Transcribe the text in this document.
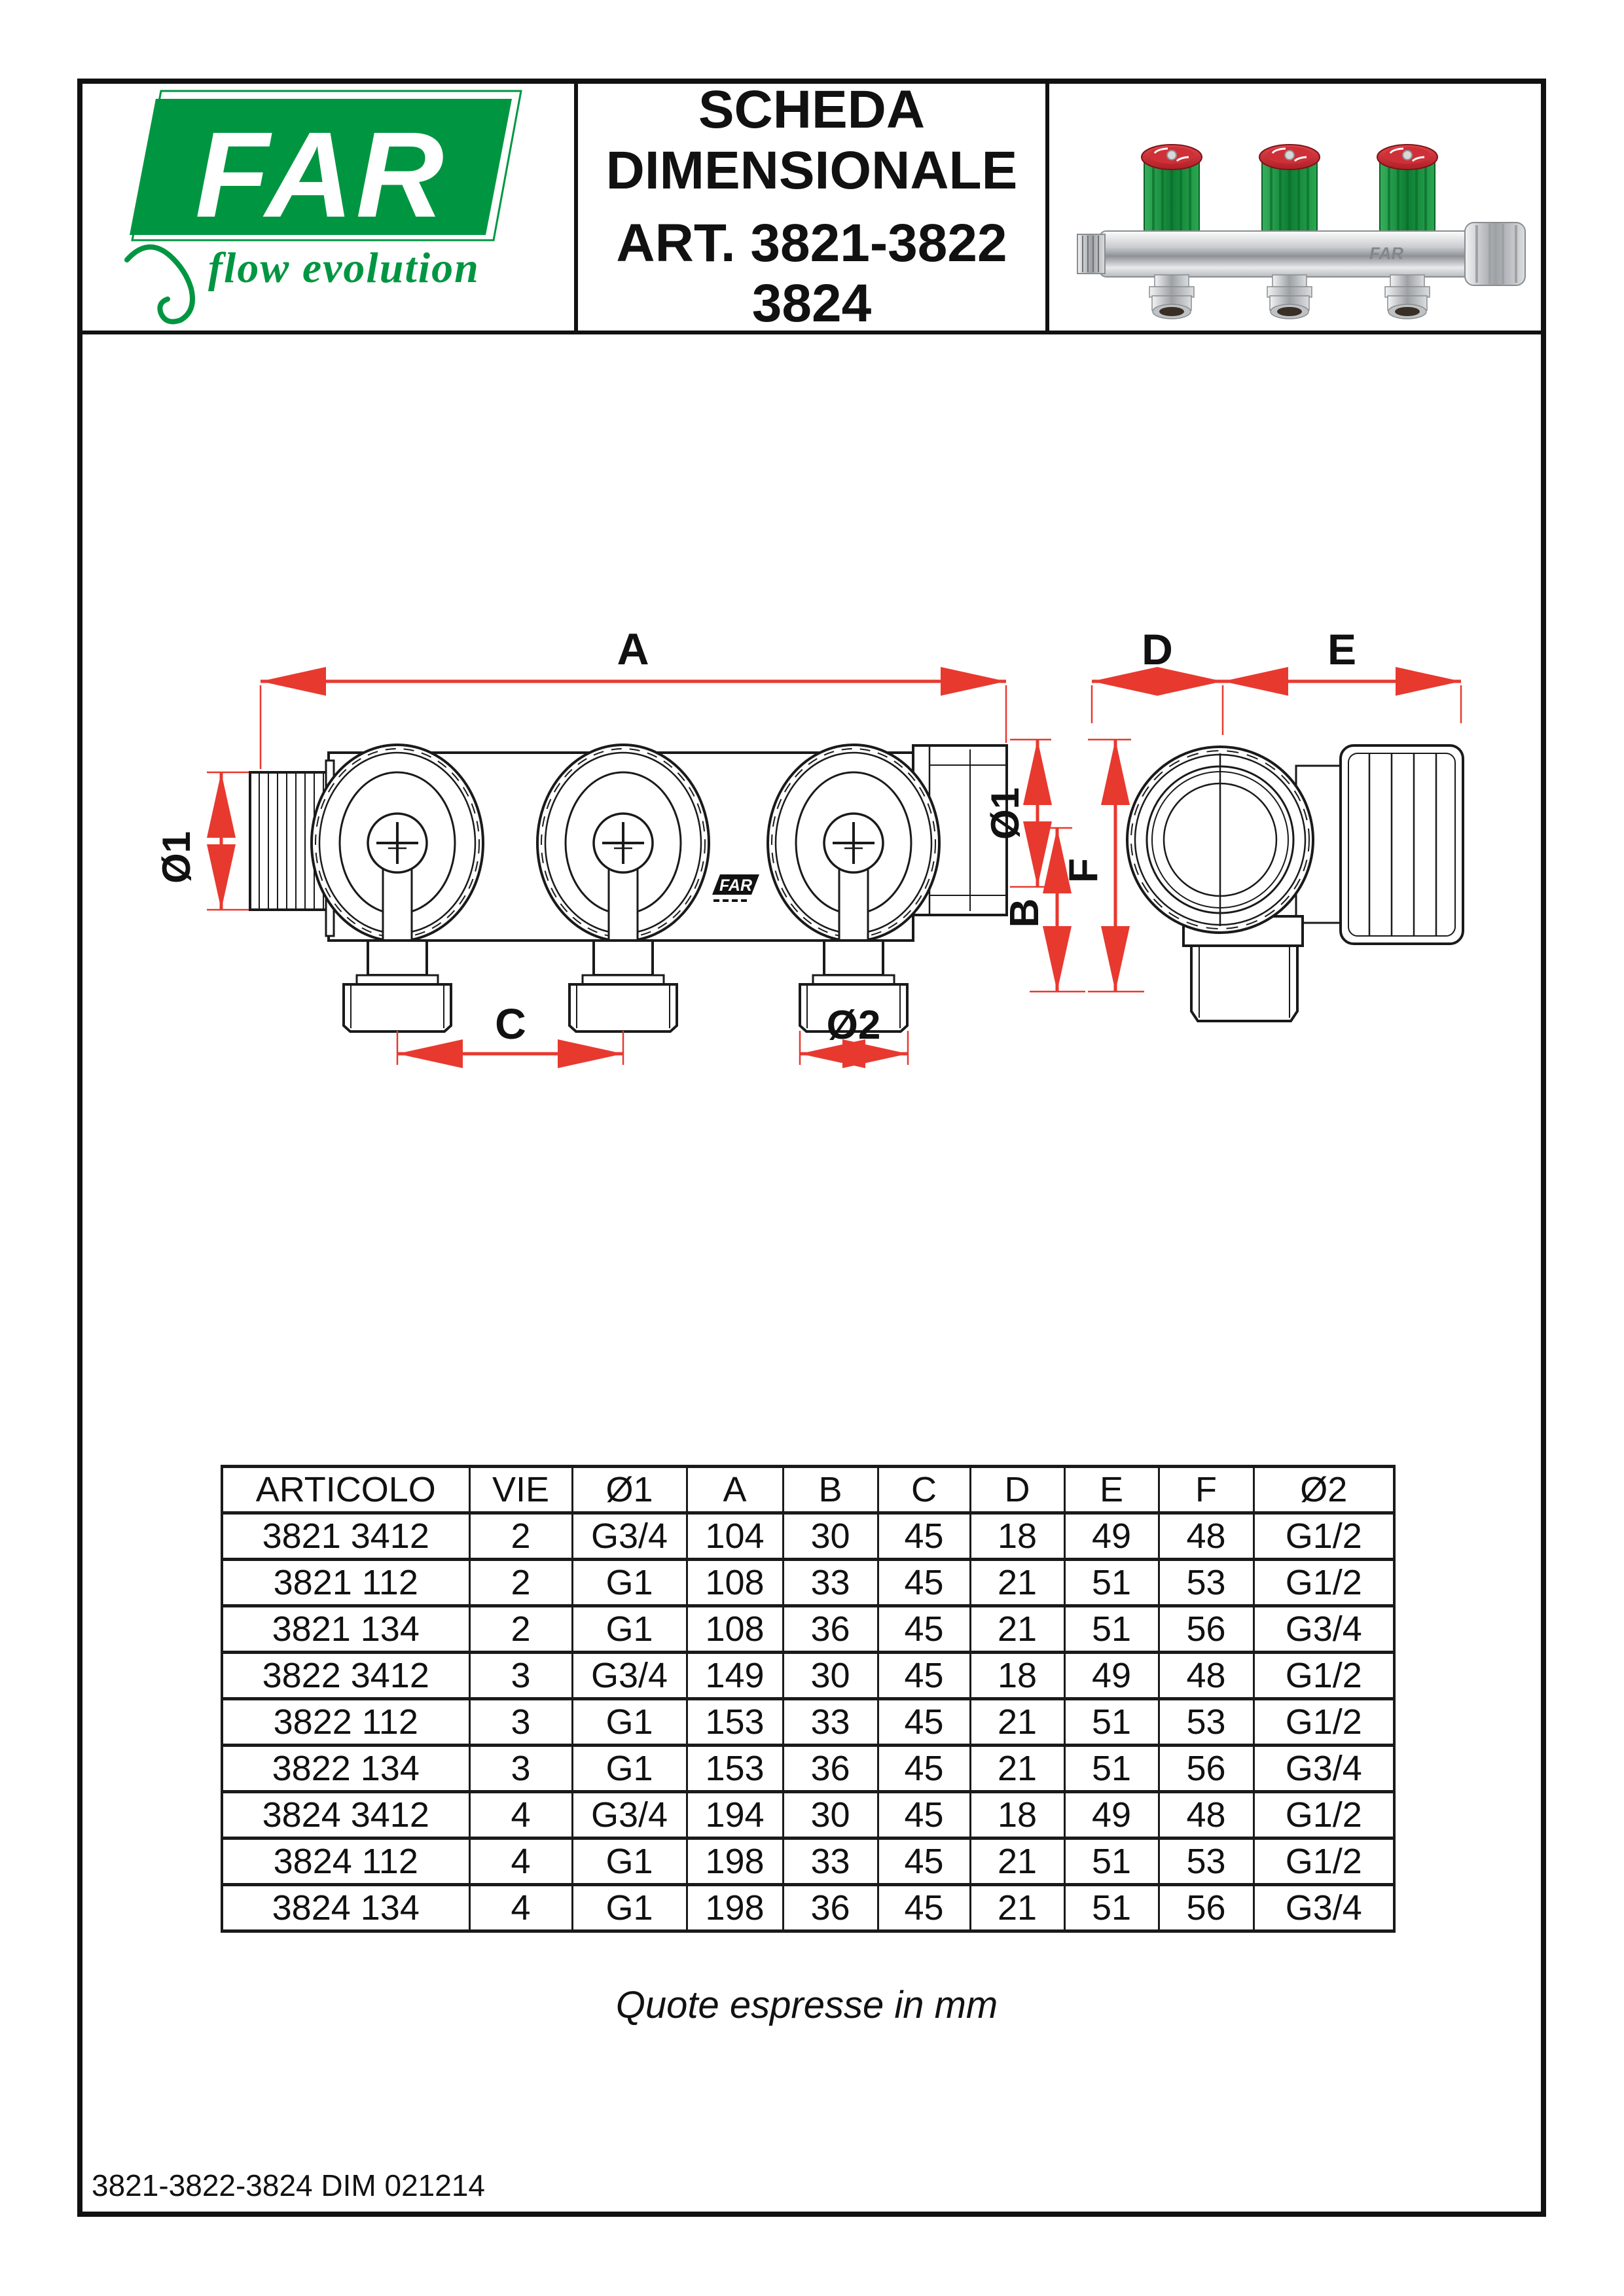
FAR
flow evolution
SCHEDA
DIMENSIONALE
ART. 3821-3822
3824
FAR
FAR
A
Ø1
Ø1
B
C	Ø2
D	E
F
ARTICOLO	VIE	Ø1	A	B	C	D	E	F	Ø2
3821 3412	2	G3/4	104	30	45	18	49	48	G1/2
3821 112	2	G1	108	33	45	21	51	53	G1/2
3821 134	2	G1	108	36	45	21	51	56	G3/4
3822 3412	3	G3/4	149	30	45	18	49	48	G1/2
3822 112	3	G1	153	33	45	21	51	53	G1/2
3822 134	3	G1	153	36	45	21	51	56	G3/4
3824 3412	4	G3/4	194	30	45	18	49	48	G1/2
3824 112	4	G1	198	33	45	21	51	53	G1/2
3824 134	4	G1	198	36	45	21	51	56	G3/4
Quote espresse in mm
3821-3822-3824 DIM 021214
